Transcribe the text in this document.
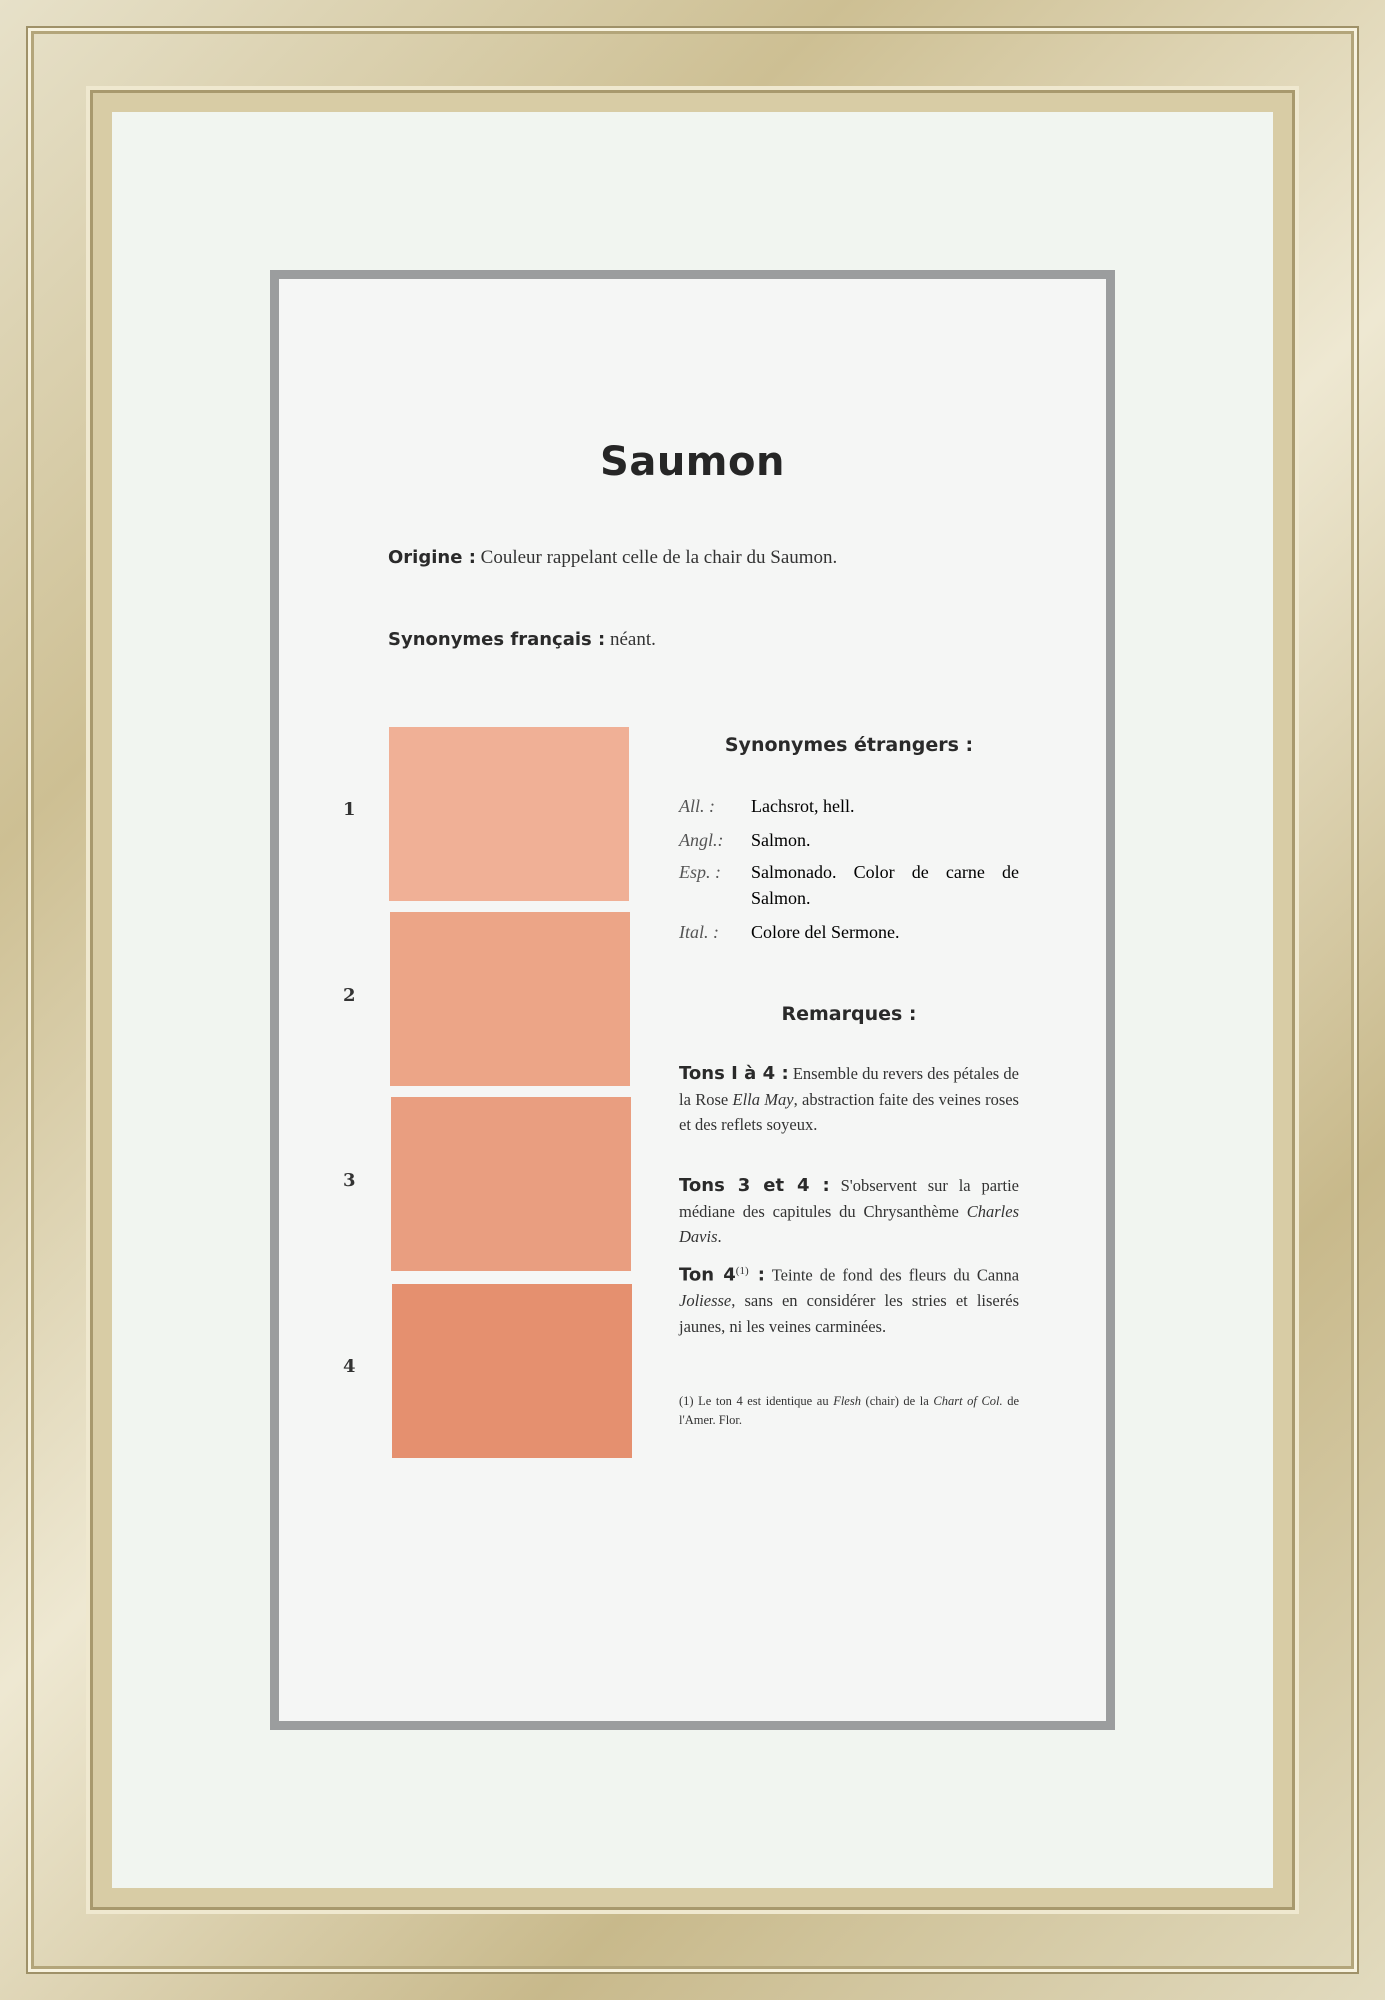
Saumon
Origine : Couleur rappelant celle de la chair du Saumon.
Synonymes français : néant.
1
2
3
4
Synonymes étrangers :
All. : Lachsrot, hell.
Angl.: Salmon.
Esp. : Salmonado. Color de carne de Salmon.
Ital. : Colore del Sermone.
Remarques :
Tons I à 4 : Ensemble du revers des pétales de la Rose Ella May, abstraction faite des veines roses et des reflets soyeux.
Tons 3 et 4 : S'observent sur la partie médiane des capitules du Chrysanthème Charles Davis.
Ton 4$^{(1)}$ : Teinte de fond des fleurs du Canna Joliesse, sans en considérer les stries et liserés jaunes, ni les veines carminées.
(1) Le ton 4 est identique au Flesh (chair) de la Chart of Col. de l'Amer. Flor.
